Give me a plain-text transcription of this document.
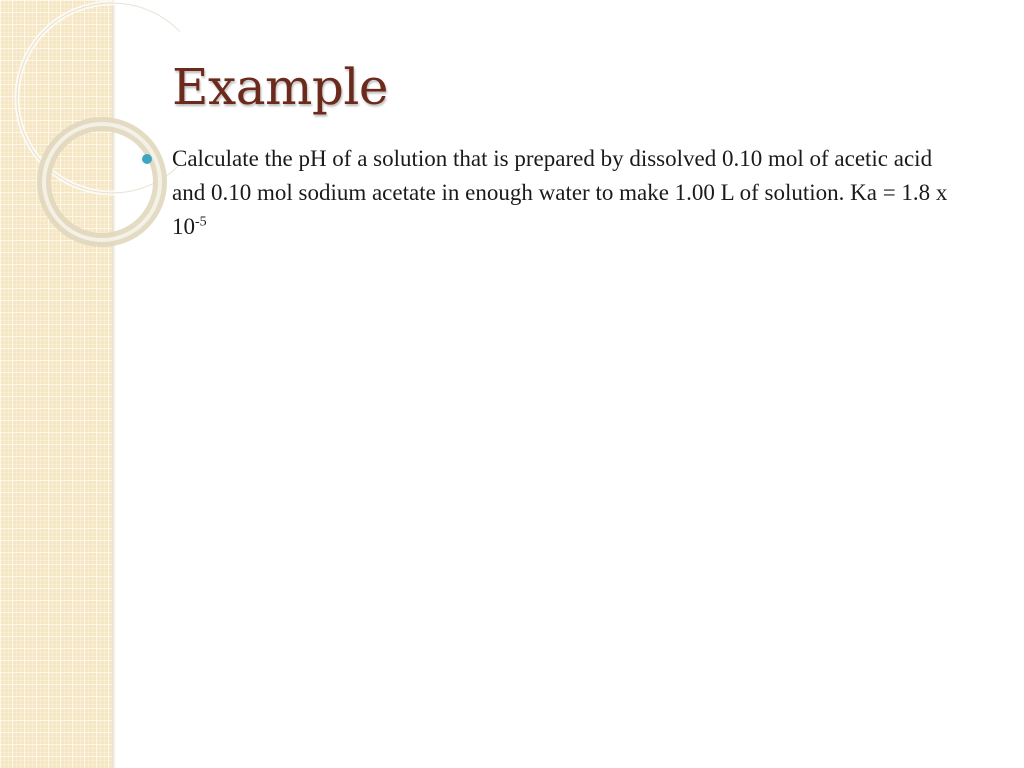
Example
Calculate the pH of a solution that is prepared by dissolved 0.10 mol of acetic acid and 0.10 mol sodium acetate in enough water to make 1.00 L of solution. Ka = 1.8 x $10^{-5}$
